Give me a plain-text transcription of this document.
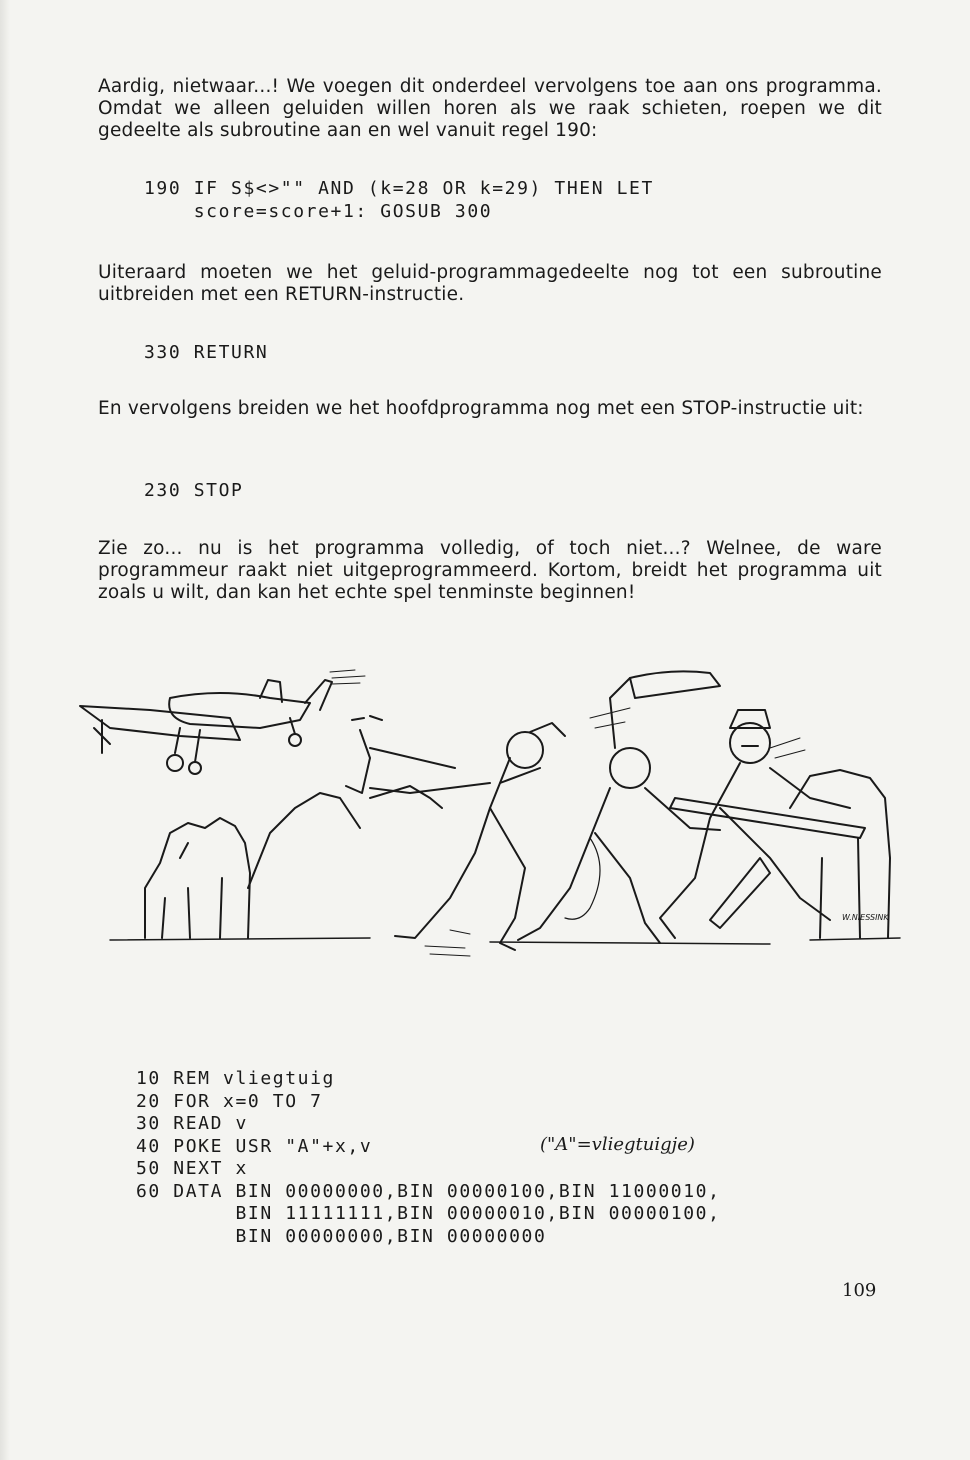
Aardig, nietwaar...! We voegen dit onderdeel vervolgens toe aan ons programma. Omdat we alleen geluiden willen horen als we raak schieten, roepen we dit gedeelte als subroutine aan en wel vanuit regel 190:
190 IF S$<>"" AND (k=28 OR k=29) THEN LET
score=score+1: GOSUB 300
Uiteraard moeten we het geluid-programmagedeelte nog tot een subroutine uitbreiden met een RETURN-instructie.
330 RETURN
En vervolgens breiden we het hoofdprogramma nog met een STOP-instructie uit:
230 STOP
Zie zo... nu is het programma volledig, of toch niet...? Welnee, de ware programmeur raakt niet uitgeprogrammeerd. Kortom, breidt het programma uit zoals u wilt, dan kan het echte spel tenminste beginnen!
W.NIESSINK
10 REM vliegtuig
20 FOR x=0 TO 7
30 READ v
40 POKE USR "A"+x,v
50 NEXT x
60 DATA BIN 00000000,BIN 00000100,BIN 11000010,
BIN 11111111,BIN 00000010,BIN 00000100,
BIN 00000000,BIN 00000000
("A"=vliegtuigje)
109
